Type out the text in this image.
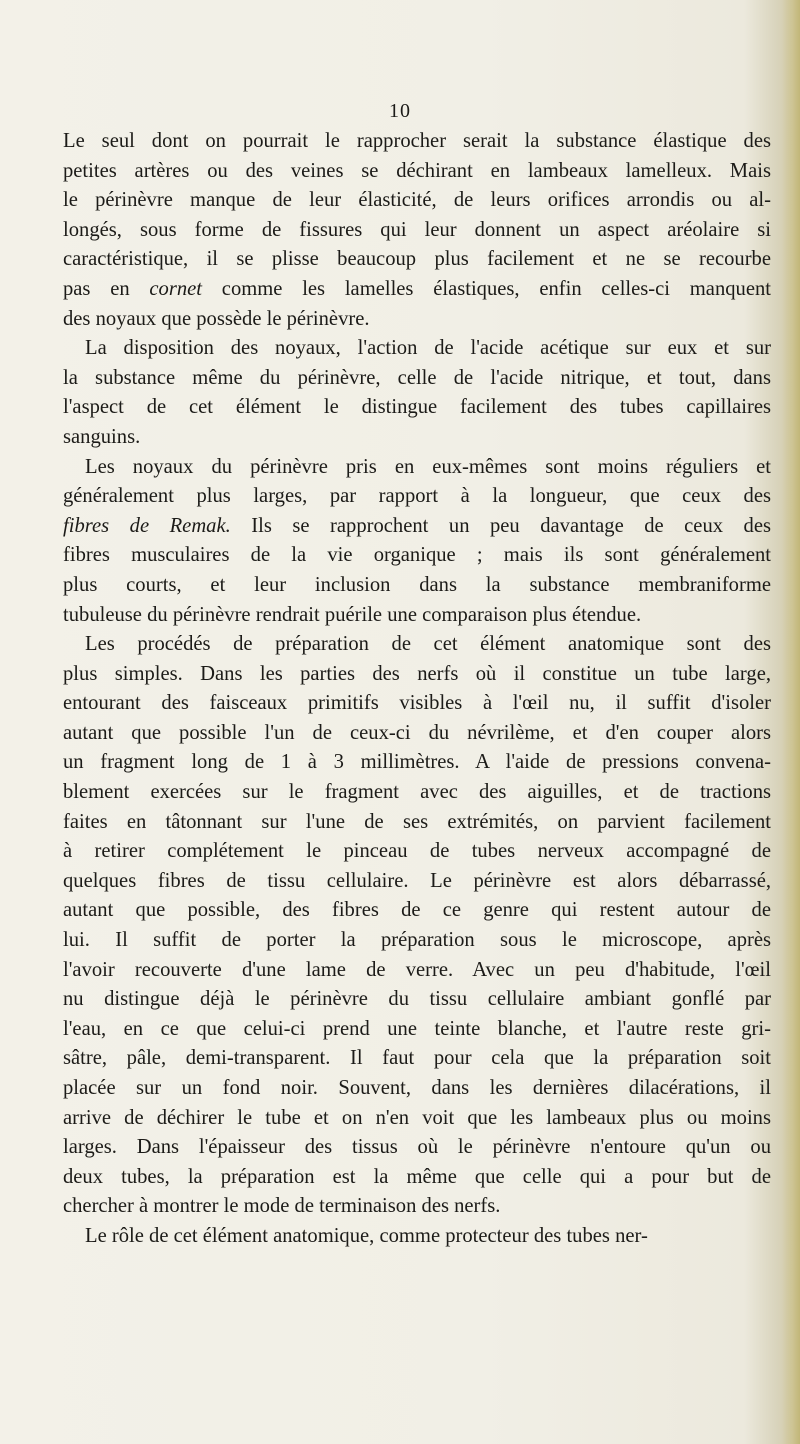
10
Le seul dont on pourrait le rapprocher serait la substance élastique des
petites artères ou des veines se déchirant en lambeaux lamelleux. Mais
le périnèvre manque de leur élasticité, de leurs orifices arrondis ou al-
longés, sous forme de fissures qui leur donnent un aspect aréolaire si
caractéristique, il se plisse beaucoup plus facilement et ne se recourbe
pas en cornet comme les lamelles élastiques, enfin celles-ci manquent
des noyaux que possède le périnèvre.
La disposition des noyaux, l'action de l'acide acétique sur eux et sur
la substance même du périnèvre, celle de l'acide nitrique, et tout, dans
l'aspect de cet élément le distingue facilement des tubes capillaires
sanguins.
Les noyaux du périnèvre pris en eux-mêmes sont moins réguliers et
généralement plus larges, par rapport à la longueur, que ceux des
fibres de Remak. Ils se rapprochent un peu davantage de ceux des
fibres musculaires de la vie organique ; mais ils sont généralement
plus courts, et leur inclusion dans la substance membraniforme
tubuleuse du périnèvre rendrait puérile une comparaison plus étendue.
Les procédés de préparation de cet élément anatomique sont des
plus simples. Dans les parties des nerfs où il constitue un tube large,
entourant des faisceaux primitifs visibles à l'œil nu, il suffit d'isoler
autant que possible l'un de ceux-ci du névrilème, et d'en couper alors
un fragment long de 1 à 3 millimètres. A l'aide de pressions convena-
blement exercées sur le fragment avec des aiguilles, et de tractions
faites en tâtonnant sur l'une de ses extrémités, on parvient facilement
à retirer complétement le pinceau de tubes nerveux accompagné de
quelques fibres de tissu cellulaire. Le périnèvre est alors débarrassé,
autant que possible, des fibres de ce genre qui restent autour de
lui. Il suffit de porter la préparation sous le microscope, après
l'avoir recouverte d'une lame de verre. Avec un peu d'habitude, l'œil
nu distingue déjà le périnèvre du tissu cellulaire ambiant gonflé par
l'eau, en ce que celui-ci prend une teinte blanche, et l'autre reste gri-
sâtre, pâle, demi-transparent. Il faut pour cela que la préparation soit
placée sur un fond noir. Souvent, dans les dernières dilacérations, il
arrive de déchirer le tube et on n'en voit que les lambeaux plus ou moins
larges. Dans l'épaisseur des tissus où le périnèvre n'entoure qu'un ou
deux tubes, la préparation est la même que celle qui a pour but de
chercher à montrer le mode de terminaison des nerfs.
Le rôle de cet élément anatomique, comme protecteur des tubes ner-
